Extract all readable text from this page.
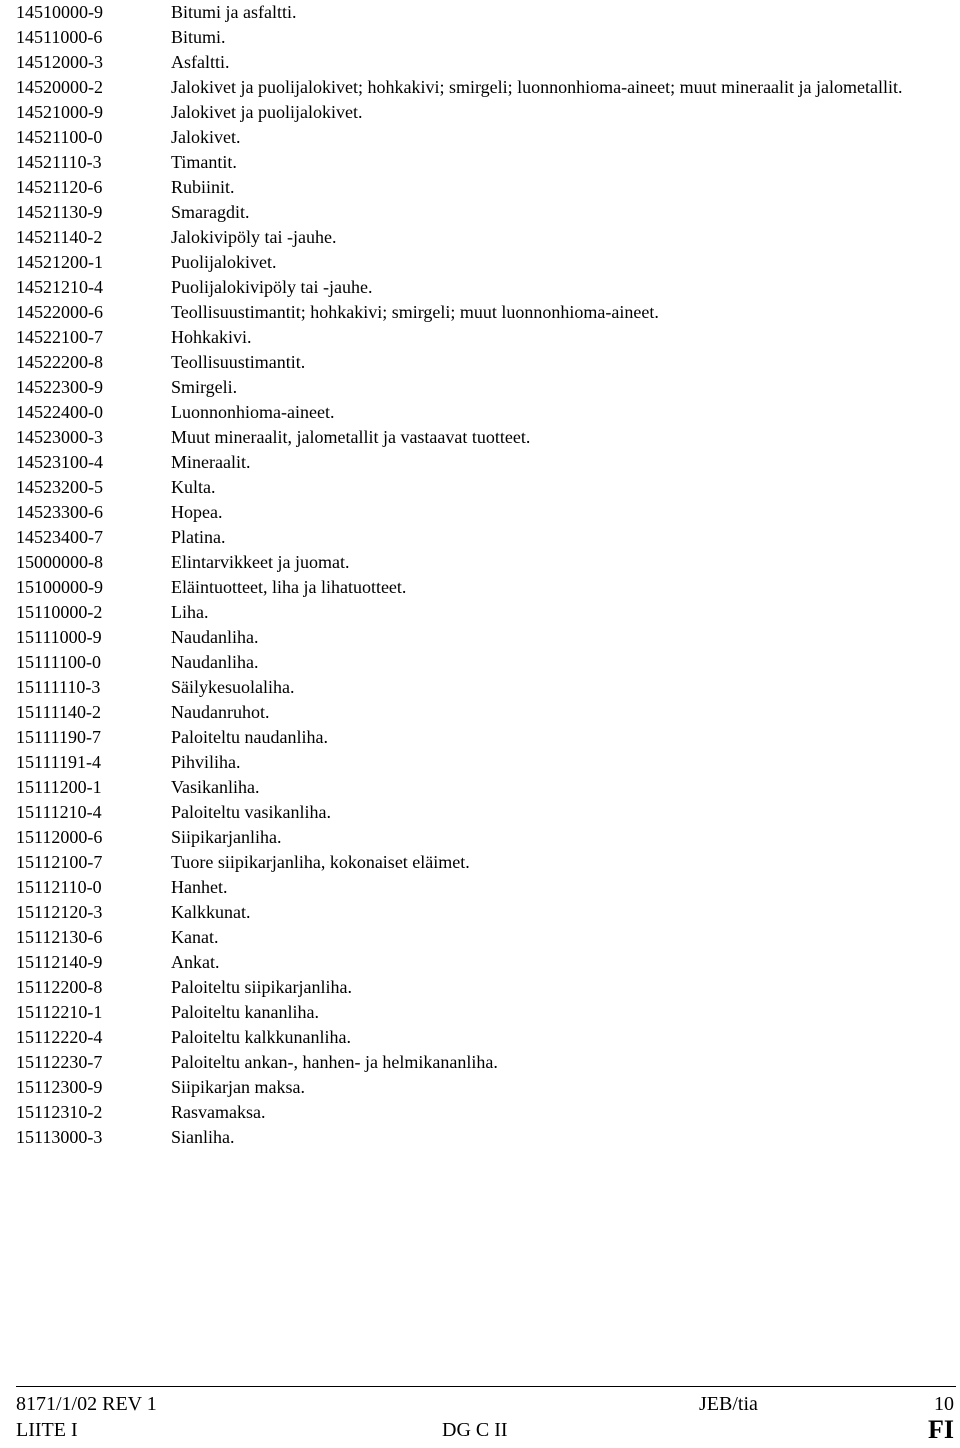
14510000-9	Bitumi ja asfaltti.
14511000-6	Bitumi.
14512000-3	Asfaltti.
14520000-2	Jalokivet ja puolijalokivet; hohkakivi; smirgeli; luonnonhioma-aineet; muut mineraalit ja jalometallit.
14521000-9	Jalokivet ja puolijalokivet.
14521100-0	Jalokivet.
14521110-3	Timantit.
14521120-6	Rubiinit.
14521130-9	Smaragdit.
14521140-2	Jalokivipöly tai -jauhe.
14521200-1	Puolijalokivet.
14521210-4	Puolijalokivipöly tai -jauhe.
14522000-6	Teollisuustimantit; hohkakivi; smirgeli; muut luonnonhioma-aineet.
14522100-7	Hohkakivi.
14522200-8	Teollisuustimantit.
14522300-9	Smirgeli.
14522400-0	Luonnonhioma-aineet.
14523000-3	Muut mineraalit, jalometallit ja vastaavat tuotteet.
14523100-4	Mineraalit.
14523200-5	Kulta.
14523300-6	Hopea.
14523400-7	Platina.
15000000-8	Elintarvikkeet ja juomat.
15100000-9	Eläintuotteet, liha ja lihatuotteet.
15110000-2	Liha.
15111000-9	Naudanliha.
15111100-0	Naudanliha.
15111110-3	Säilykesuolaliha.
15111140-2	Naudanruhot.
15111190-7	Paloiteltu naudanliha.
15111191-4	Pihviliha.
15111200-1	Vasikanliha.
15111210-4	Paloiteltu vasikanliha.
15112000-6	Siipikarjanliha.
15112100-7	Tuore siipikarjanliha, kokonaiset eläimet.
15112110-0	Hanhet.
15112120-3	Kalkkunat.
15112130-6	Kanat.
15112140-9	Ankat.
15112200-8	Paloiteltu siipikarjanliha.
15112210-1	Paloiteltu kananliha.
15112220-4	Paloiteltu kalkkunanliha.
15112230-7	Paloiteltu ankan-, hanhen- ja helmikananliha.
15112300-9	Siipikarjan maksa.
15112310-2	Rasvamaksa.
15113000-3	Sianliha.
8171/1/02 REV 1	JEB/tia	10
LIITE I	DG C II	FI
